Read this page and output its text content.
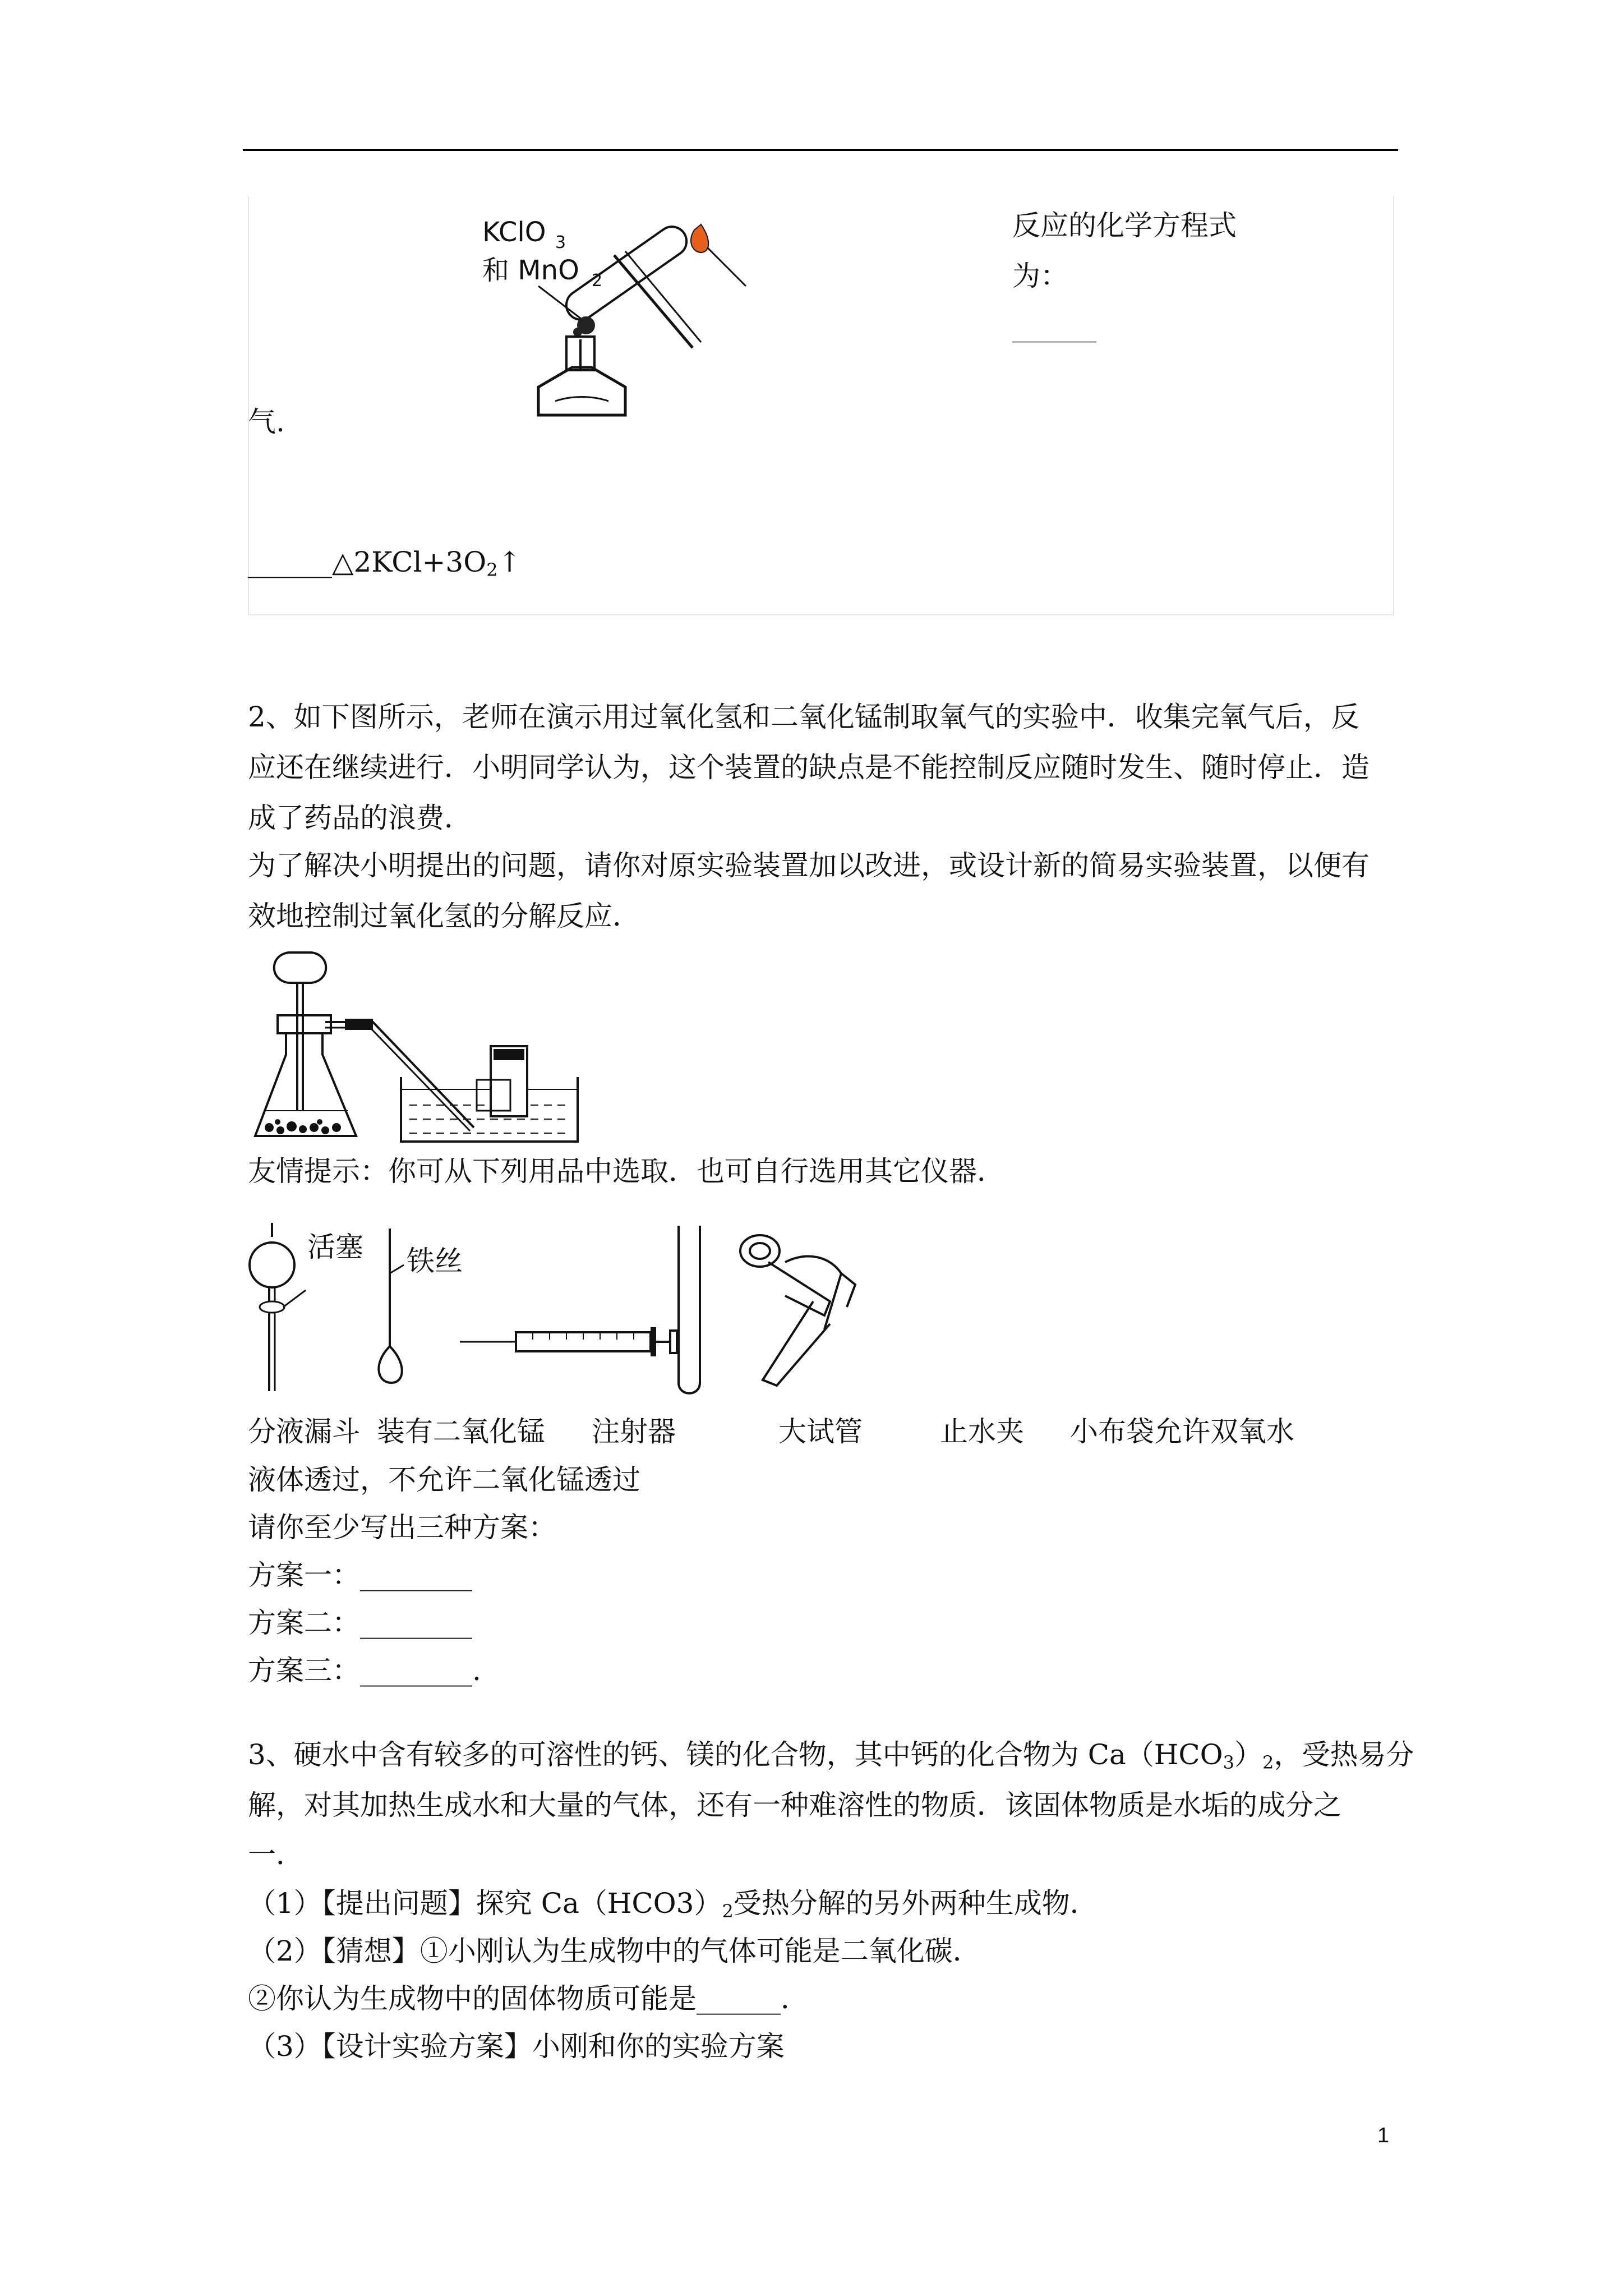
KClO 3
和 MnO 2
反应的化学方程式
为：
______
气.
$\_\_\_\_\_\_\triangle 2KCl+3O_2↑$
2、如下图所示，老师在演示用过氧化氢和二氧化锰制取氧气的实验中．收集完氧气后，反
应还在继续进行．小明同学认为，这个装置的缺点是不能控制反应随时发生、随时停止．造
成了药品的浪费．
为了解决小明提出的问题，请你对原实验装置加以改进，或设计新的简易实验装置，以便有
效地控制过氧化氢的分解反应．
友情提示：你可从下列用品中选取．也可自行选用其它仪器．
活塞 铁丝
分液漏斗 装有二氧化锰 注射器	大试管	止水夹 小布袋允许双氧水
液体透过，不允许二氧化锰透过
请你至少写出三种方案：
方案一：________
方案二：________
方案三：________.
3、硬水中含有较多的可溶性的钙、镁的化合物，其中钙的化合物为 $Ca(HCO_3)_2$，受热易分
解，对其加热生成水和大量的气体，还有一种难溶性的物质．该固体物质是水垢的成分之
一．
（1）【提出问题】探究 $Ca(HCO3)_2$受热分解的另外两种生成物．
（2）【猜想】①小刚认为生成物中的气体可能是二氧化碳．
②你认为生成物中的固体物质可能是______．
（3）【设计实验方案】小刚和你的实验方案
1
